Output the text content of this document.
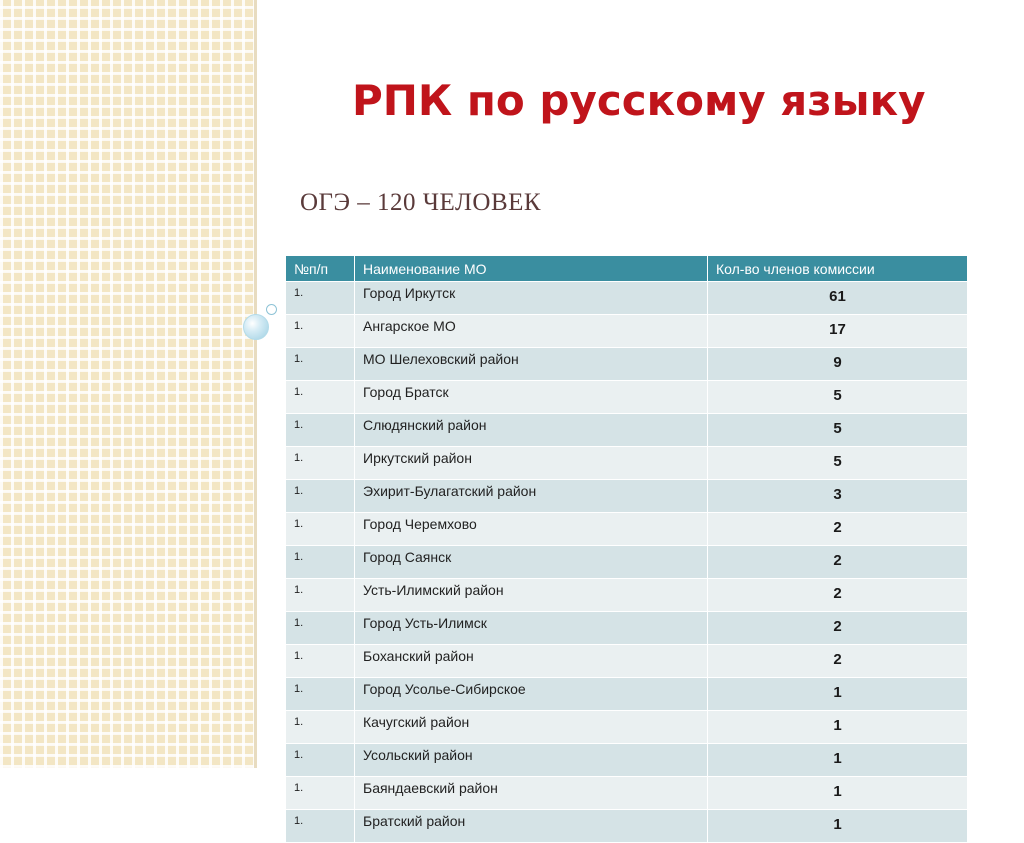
РПК по русскому языку
ОГЭ – 120 ЧЕЛОВЕК
№п/п	Наименование МО	Кол-во членов комиссии
1.	Город Иркутск	61
1.	Ангарское МО	17
1.	МО Шелеховский район	9
1.	Город Братск	5
1.	Слюдянский район	5
1.	Иркутский район	5
1.	Эхирит-Булагатский район	3
1.	Город Черемхово	2
1.	Город Саянск	2
1.	Усть-Илимский район	2
1.	Город Усть-Илимск	2
1.	Боханский район	2
1.	Город Усолье-Сибирское	1
1.	Качугский район	1
1.	Усольский район	1
1.	Баяндаевский район	1
1.	Братский район	1
